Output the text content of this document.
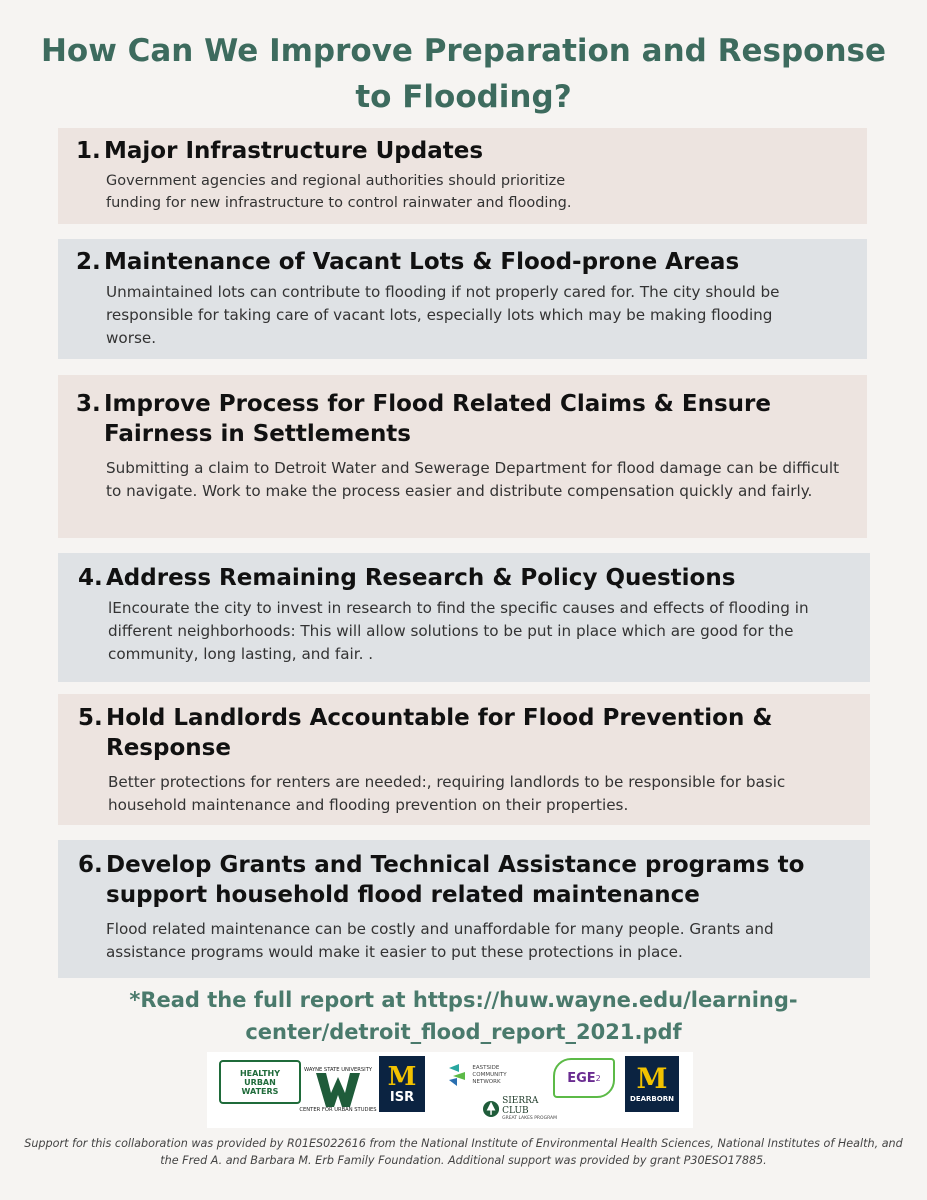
How Can We Improve Preparation and Response to Flooding?
1. Major Infrastructure Updates

Government agencies and regional authorities should prioritize funding for new infrastructure to control rainwater and flooding.

2. Maintenance of Vacant Lots & Flood-prone Areas

Unmaintained lots can contribute to flooding if not properly cared for. The city should be responsible for taking care of vacant lots, especially lots which may be making flooding worse.

3. Improve Process for Flood Related Claims & Ensure Fairness in Settlements

Submitting a claim to Detroit Water and Sewerage Department for flood damage can be difficult to navigate. Work to make the process easier and distribute compensation quickly and fairly.

4. Address Remaining Research & Policy Questions

lEncourate the city to invest in research to find the specific causes and effects of flooding in different neighborhoods: This will allow solutions to be put in place which are good for the community, long lasting, and fair. .

5. Hold Landlords Accountable for Flood Prevention & Response

Better protections for renters are needed:, requiring landlords to be responsible for basic household maintenance and flooding prevention on their properties.

6. Develop Grants and Technical Assistance programs to support household flood related maintenance

Flood related maintenance can be costly and unaffordable for many people. Grants and assistance programs would make it easier to put these protections in place.

*Read the full report at https://huw.wayne.edu/learning-center/detroit_flood_report_2021.pdf
HEALTHY
URBAN
WATERS
WAYNE STATE UNIVERSITY
CENTER FOR URBAN STUDIES
M
ISR
EASTSIDE
COMMUNITY
NETWORK
SIERRA
CLUB
GREAT LAKES PROGRAM
EGE 2 M
DEARBORN
Support for this collaboration was provided by R01ES022616 from the National Institute of Environmental Health Sciences, National Institutes of Health, and the Fred A. and Barbara M. Erb Family Foundation. Additional support was provided by grant P30ESO17885.
